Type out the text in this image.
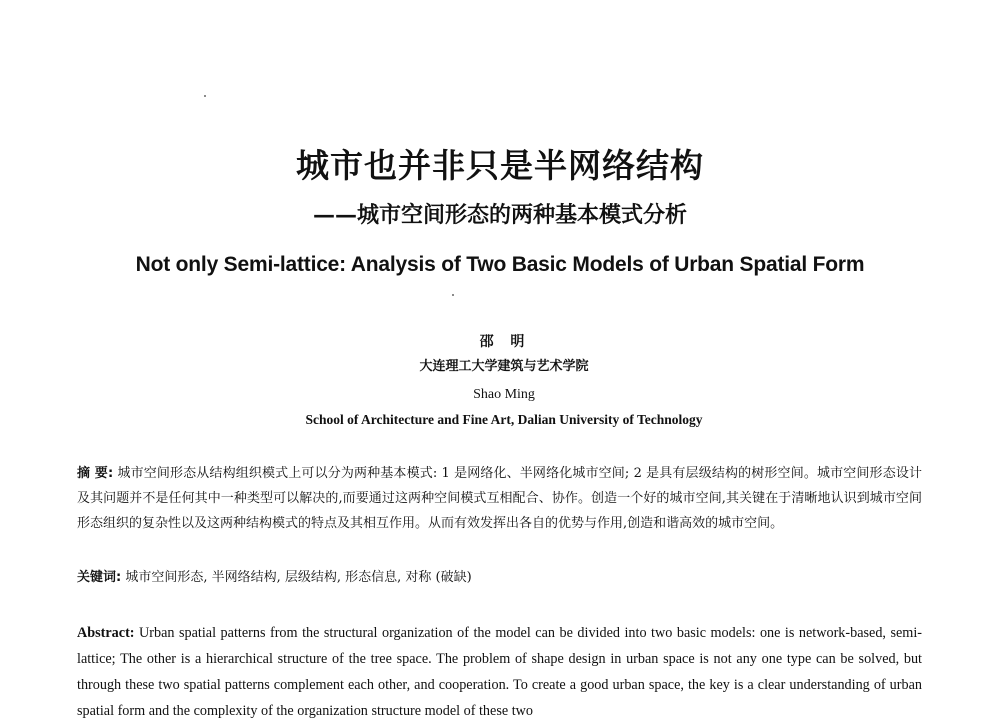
城市也并非只是半网络结构
——城市空间形态的两种基本模式分析
Not only Semi-lattice: Analysis of Two Basic Models of Urban Spatial Form
邵 明
大连理工大学建筑与艺术学院
Shao Ming
School of Architecture and Fine Art, Dalian University of Technology
摘 要: 城市空间形态从结构组织模式上可以分为两种基本模式: 1 是网络化、半网络化城市空间; 2 是具有层级结构的树形空间。城市空间形态设计及其问题并不是任何其中一种类型可以解决的,而要通过这两种空间模式互相配合、协作。创造一个好的城市空间,其关键在于清晰地认识到城市空间形态组织的复杂性以及这两种结构模式的特点及其相互作用。从而有效发挥出各自的优势与作用,创造和谐高效的城市空间。
关键词: 城市空间形态, 半网络结构, 层级结构, 形态信息, 对称 (破缺)
Abstract: Urban spatial patterns from the structural organization of the model can be divided into two basic models: one is network-based, semi-lattice; The other is a hierarchical structure of the tree space. The problem of shape design in urban space is not any one type can be solved, but through these two spatial patterns complement each other, and cooperation. To create a good urban space, the key is a clear understanding of urban spatial form and the complexity of the organization structure model of these two
